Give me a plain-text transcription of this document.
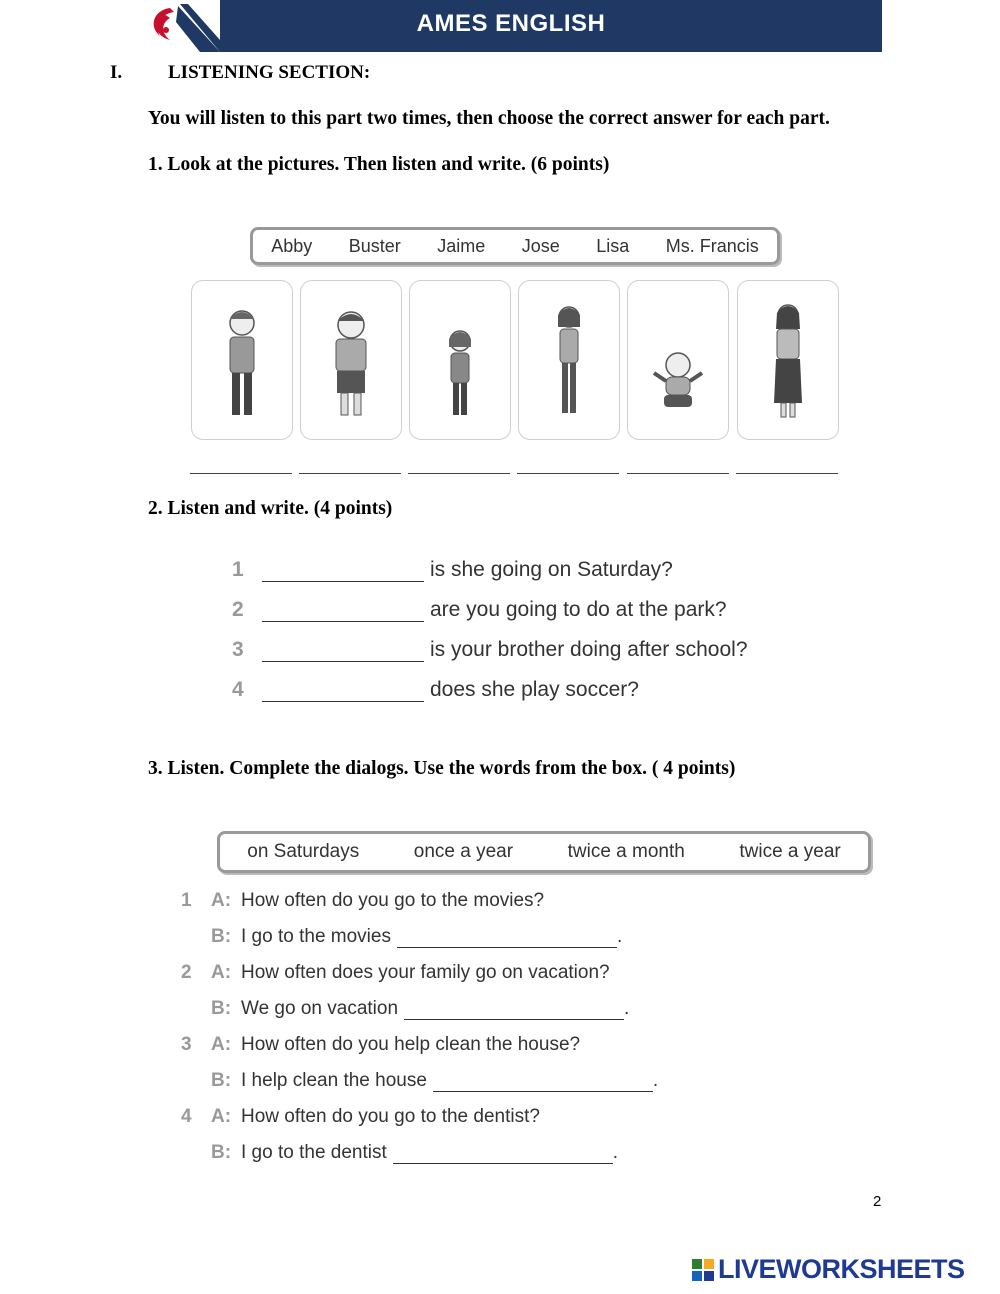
AMES ENGLISH
I. LISTENING SECTION:
You will listen to this part two times, then choose the correct answer for each part.
1. Look at the pictures. Then listen and write. (6 points)
Abby Buster Jaime Jose Lisa Ms. Francis
2. Listen and write. (4 points)
1	is she going on Saturday?
2	are you going to do at the park?
3	is your brother doing after school?
4	does she play soccer?
3. Listen. Complete the dialogs. Use the words from the box. ( 4 points)
on Saturdays	once a year	twice a month	twice a year
1	A: How often do you go to the movies?
B: I go to the movies	.
2	A: How often does your family go on vacation?
B: We go on vacation	.
3	A: How often do you help clean the house?
B: I help clean the house	.
4	A: How often do you go to the dentist?
B: I go to the dentist	.
2
LIVEWORKSHEETS
